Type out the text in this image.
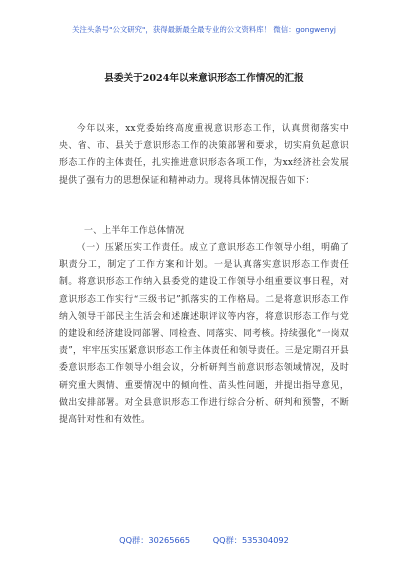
关注头条号"公文研究"，获得最新最全最专业的公文资料库！ 微信：gongwenyj
县委关于2024年以来意识形态工作情况的汇报
今年以来，xx党委始终高度重视意识形态工作，认真贯彻落实中央、省、市、县关于意识形态工作的决策部署和要求，切实肩负起意识形态工作的主体责任，扎实推进意识形态各项工作，为xx经济社会发展提供了强有力的思想保证和精神动力。现将具体情况报告如下：
一、上半年工作总体情况
（一）压紧压实工作责任。成立了意识形态工作领导小组，明确了职责分工，制定了工作方案和计划。一是认真落实意识形态工作责任制。将意识形态工作纳入县委党的建设工作领导小组重要议事日程，对意识形态工作实行“三级书记”抓落实的工作格局。二是将意识形态工作纳入领导干部民主生活会和述廉述职评议等内容，将意识形态工作与党的建设和经济建设同部署、同检查、同落实、同考核。持续强化“一岗双责”，牢牢压实压紧意识形态工作主体责任和领导责任。三是定期召开县委意识形态工作领导小组会议，分析研判当前意识形态领域情况，及时研究重大舆情、重要情况中的倾向性、苗头性问题，并提出指导意见，做出安排部署。对全县意识形态工作进行综合分析、研判和预警，不断提高针对性和有效性。
QQ群：30265665	QQ群：535304092
